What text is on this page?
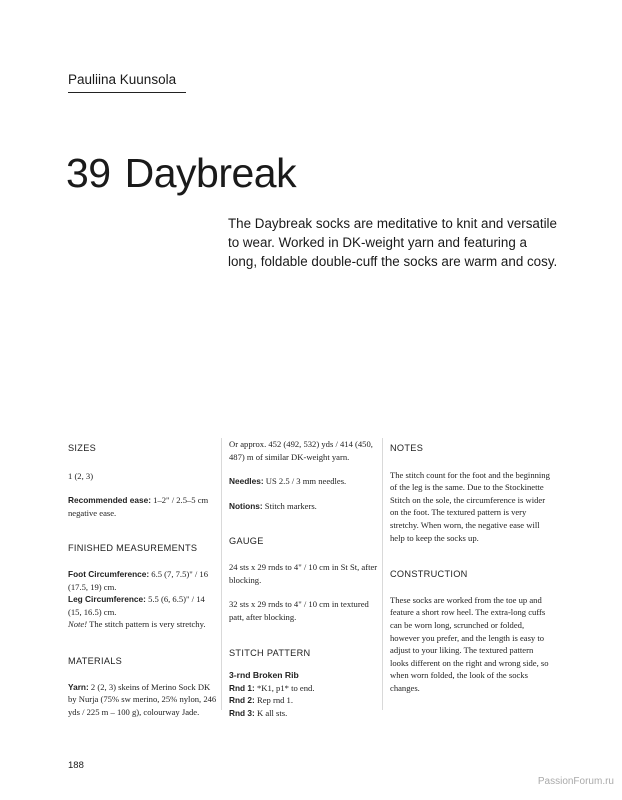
Pauliina Kuunsola
39 Daybreak
The Daybreak socks are meditative to knit and versatile to wear. Worked in DK-weight yarn and featuring a long, foldable double-cuff the socks are warm and cosy.

SIZES

1 (2, 3)

Recommended ease: 1–2" / 2.5–5 cm negative ease.

FINISHED MEASUREMENTS

Foot Circumference: 6.5 (7, 7.5)" / 16 (17.5, 19) cm.

Leg Circumference: 5.5 (6, 6.5)" / 14 (15, 16.5) cm.

Note! The stitch pattern is very stretchy.

MATERIALS

Yarn: 2 (2, 3) skeins of Merino Sock DK by Nurja (75% sw merino, 25% nylon, 246 yds / 225 m – 100 g), colourway Jade.

Or approx. 452 (492, 532) yds / 414 (450, 487) m of similar DK-weight yarn.

Needles: US 2.5 / 3 mm needles.

Notions: Stitch markers.

GAUGE

24 sts x 29 rnds to 4" / 10 cm in St St, after blocking.

32 sts x 29 rnds to 4" / 10 cm in textured patt, after blocking.

STITCH PATTERN

3-rnd Broken Rib

Rnd 1: *K1, p1* to end.

Rnd 2: Rep rnd 1.

Rnd 3: K all sts.

NOTES

The stitch count for the foot and the beginning of the leg is the same. Due to the Stockinette Stitch on the sole, the circumference is wider on the foot. The textured pattern is very stretchy. When worn, the negative ease will help to keep the socks up.

CONSTRUCTION

These socks are worked from the toe up and feature a short row heel. The extra-long cuffs can be worn long, scrunched or folded, however you prefer, and the length is easy to adjust to your liking. The textured pattern looks different on the right and wrong side, so when worn folded, the look of the socks changes.

188
PassionForum.ru
